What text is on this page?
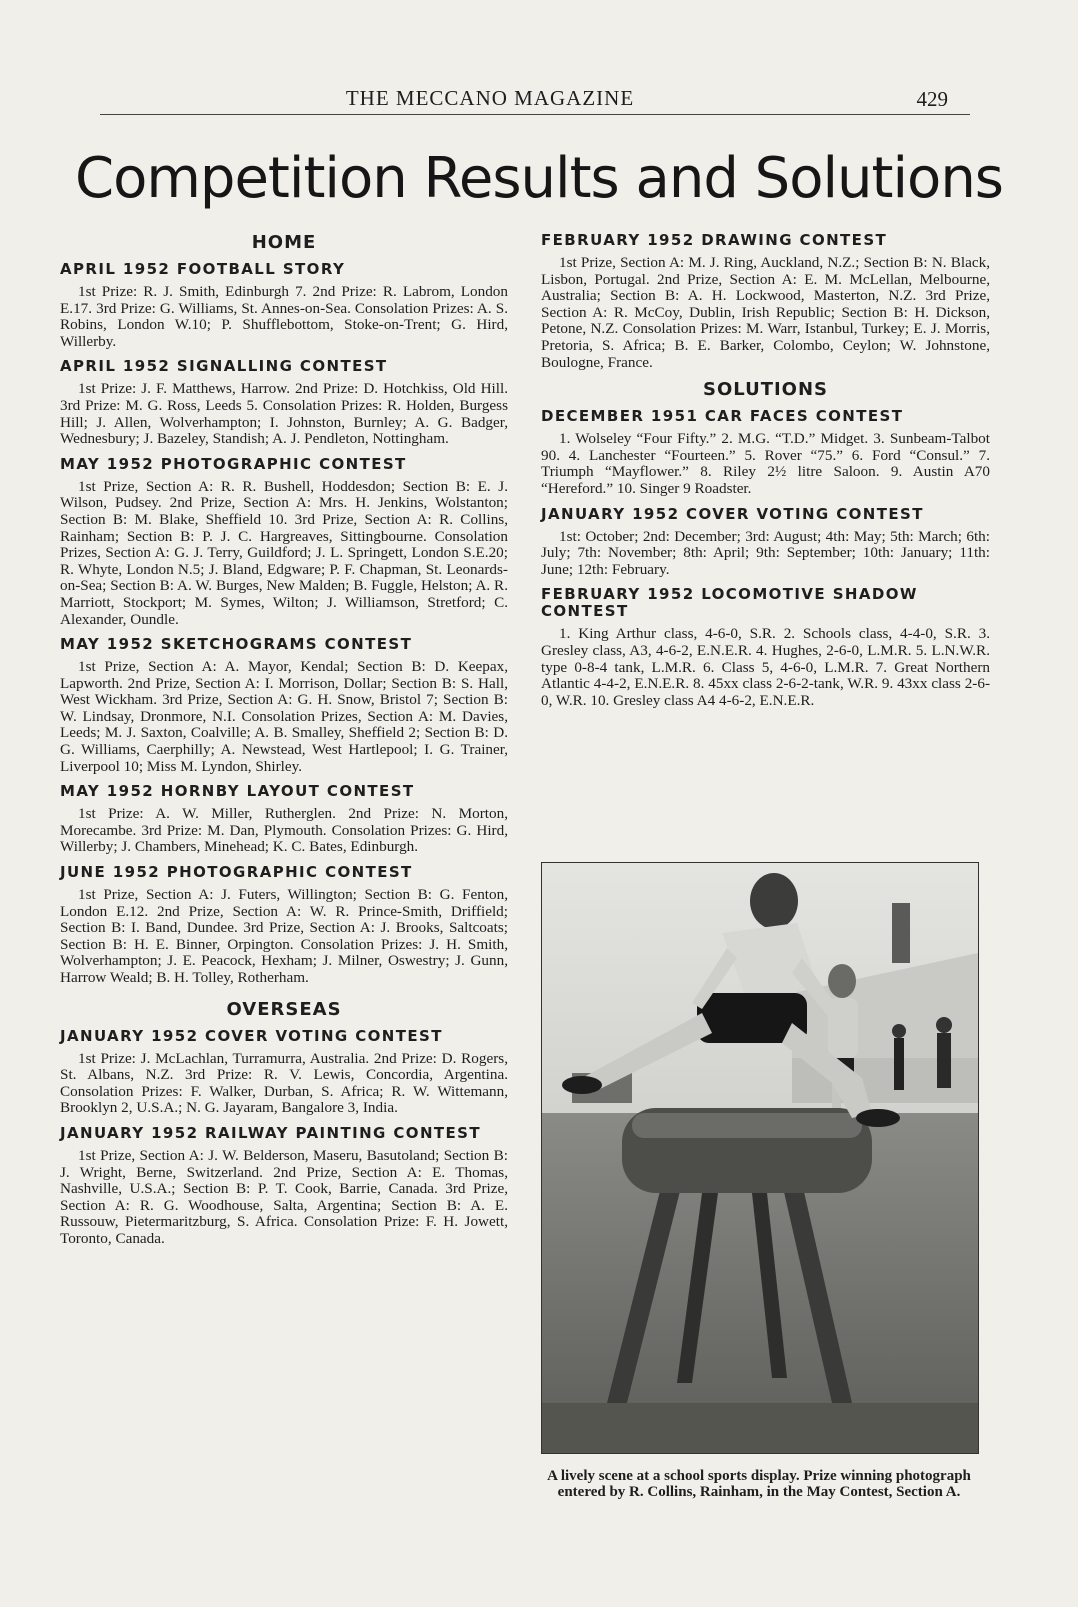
THE MECCANO MAGAZINE	429
Competition Results and Solutions
HOME
APRIL 1952 FOOTBALL STORY

1st Prize: R. J. Smith, Edinburgh 7. 2nd Prize: R. Labrom, London E.17. 3rd Prize: G. Williams, St. Annes-on-Sea. Consolation Prizes: A. S. Robins, London W.10; P. Shufflebottom, Stoke-on-Trent; G. Hird, Willerby.

APRIL 1952 SIGNALLING CONTEST

1st Prize: J. F. Matthews, Harrow. 2nd Prize: D. Hotchkiss, Old Hill. 3rd Prize: M. G. Ross, Leeds 5. Consolation Prizes: R. Holden, Burgess Hill; J. Allen, Wolverhampton; I. Johnston, Burnley; A. G. Badger, Wednesbury; J. Bazeley, Standish; A. J. Pendleton, Nottingham.

MAY 1952 PHOTOGRAPHIC CONTEST

1st Prize, Section A: R. R. Bushell, Hoddesdon; Section B: E. J. Wilson, Pudsey. 2nd Prize, Section A: Mrs. H. Jenkins, Wolstanton; Section B: M. Blake, Sheffield 10. 3rd Prize, Section A: R. Collins, Rainham; Section B: P. J. C. Hargreaves, Sittingbourne. Consolation Prizes, Section A: G. J. Terry, Guildford; J. L. Springett, London S.E.20; R. Whyte, London N.5; J. Bland, Edgware; P. F. Chapman, St. Leonards-on-Sea; Section B: A. W. Burges, New Malden; B. Fuggle, Helston; A. R. Marriott, Stockport; M. Symes, Wilton; J. Williamson, Stretford; C. Alexander, Oundle.

MAY 1952 SKETCHOGRAMS CONTEST

1st Prize, Section A: A. Mayor, Kendal; Section B: D. Keepax, Lapworth. 2nd Prize, Section A: I. Morrison, Dollar; Section B: S. Hall, West Wickham. 3rd Prize, Section A: G. H. Snow, Bristol 7; Section B: W. Lindsay, Dronmore, N.I. Consolation Prizes, Section A: M. Davies, Leeds; M. J. Saxton, Coalville; A. B. Smalley, Sheffield 2; Section B: D. G. Williams, Caerphilly; A. Newstead, West Hartlepool; I. G. Trainer, Liverpool 10; Miss M. Lyndon, Shirley.

MAY 1952 HORNBY LAYOUT CONTEST

1st Prize: A. W. Miller, Rutherglen. 2nd Prize: N. Morton, Morecambe. 3rd Prize: M. Dan, Plymouth. Consolation Prizes: G. Hird, Willerby; J. Chambers, Minehead; K. C. Bates, Edinburgh.

JUNE 1952 PHOTOGRAPHIC CONTEST

1st Prize, Section A: J. Futers, Willington; Section B: G. Fenton, London E.12. 2nd Prize, Section A: W. R. Prince-Smith, Driffield; Section B: I. Band, Dundee. 3rd Prize, Section A: J. Brooks, Saltcoats; Section B: H. E. Binner, Orpington. Consolation Prizes: J. H. Smith, Wolverhampton; J. E. Peacock, Hexham; J. Milner, Oswestry; J. Gunn, Harrow Weald; B. H. Tolley, Rotherham.

OVERSEAS
JANUARY 1952 COVER VOTING CONTEST

1st Prize: J. McLachlan, Turramurra, Australia. 2nd Prize: D. Rogers, St. Albans, N.Z. 3rd Prize: R. V. Lewis, Concordia, Argentina. Consolation Prizes: F. Walker, Durban, S. Africa; R. W. Wittemann, Brooklyn 2, U.S.A.; N. G. Jayaram, Bangalore 3, India.

JANUARY 1952 RAILWAY PAINTING CONTEST

1st Prize, Section A: J. W. Belderson, Maseru, Basutoland; Section B: J. Wright, Berne, Switzerland. 2nd Prize, Section A: E. Thomas, Nashville, U.S.A.; Section B: P. T. Cook, Barrie, Canada. 3rd Prize, Section A: R. G. Woodhouse, Salta, Argentina; Section B: A. E. Russouw, Pietermaritzburg, S. Africa. Consolation Prize: F. H. Jowett, Toronto, Canada.

FEBRUARY 1952 DRAWING CONTEST

1st Prize, Section A: M. J. Ring, Auckland, N.Z.; Section B: N. Black, Lisbon, Portugal. 2nd Prize, Section A: E. M. McLellan, Melbourne, Australia; Section B: A. H. Lockwood, Masterton, N.Z. 3rd Prize, Section A: R. McCoy, Dublin, Irish Republic; Section B: H. Dickson, Petone, N.Z. Consolation Prizes: M. Warr, Istanbul, Turkey; E. J. Morris, Pretoria, S. Africa; B. E. Barker, Colombo, Ceylon; W. Johnstone, Boulogne, France.

SOLUTIONS
DECEMBER 1951 CAR FACES CONTEST

1. Wolseley “Four Fifty.” 2. M.G. “T.D.” Midget. 3. Sunbeam-Talbot 90. 4. Lanchester “Fourteen.” 5. Rover “75.” 6. Ford “Consul.” 7. Triumph “Mayflower.” 8. Riley 2½ litre Saloon. 9. Austin A70 “Hereford.” 10. Singer 9 Roadster.

JANUARY 1952 COVER VOTING CONTEST

1st: October; 2nd: December; 3rd: August; 4th: May; 5th: March; 6th: July; 7th: November; 8th: April; 9th: September; 10th: January; 11th: June; 12th: February.

FEBRUARY 1952 LOCOMOTIVE SHADOW CONTEST

1. King Arthur class, 4-6-0, S.R. 2. Schools class, 4-4-0, S.R. 3. Gresley class, A3, 4-6-2, E.N.E.R. 4. Hughes, 2-6-0, L.M.R. 5. L.N.W.R. type 0-8-4 tank, L.M.R. 6. Class 5, 4-6-0, L.M.R. 7. Great Northern Atlantic 4-4-2, E.N.E.R. 8. 45xx class 2-6-2-tank, W.R. 9. 43xx class 2-6-0, W.R. 10. Gresley class A4 4-6-2, E.N.E.R.

A lively scene at a school sports display. Prize winning photograph entered by R. Collins, Rainham, in the May Contest, Section A.
